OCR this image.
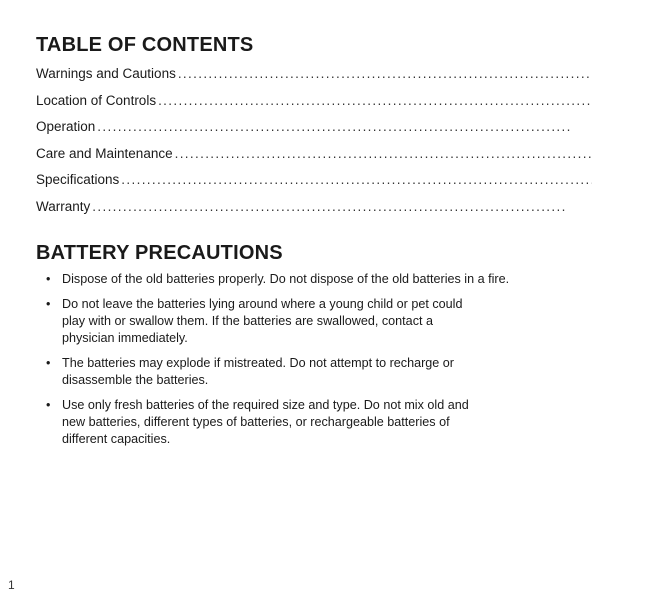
TABLE OF CONTENTS
Warnings and Cautions
. . .
Location of Controls
. . .
Operation
. . .
Care and Maintenance
. . .
Specifications
. . .
Warranty
. . .
BATTERY PRECAUTIONS
• Dispose of the old batteries properly. Do not dispose of the old batteries in a fire.
• Do not leave the batteries lying around where a young child or pet could
play with or swallow them. If the batteries are swallowed, contact a
physician immediately.
• The batteries may explode if mistreated. Do not attempt to recharge or
disassemble the batteries.
• Use only fresh batteries of the required size and type. Do not mix old and
new batteries, different types of batteries, or rechargeable batteries of
different capacities.
1
